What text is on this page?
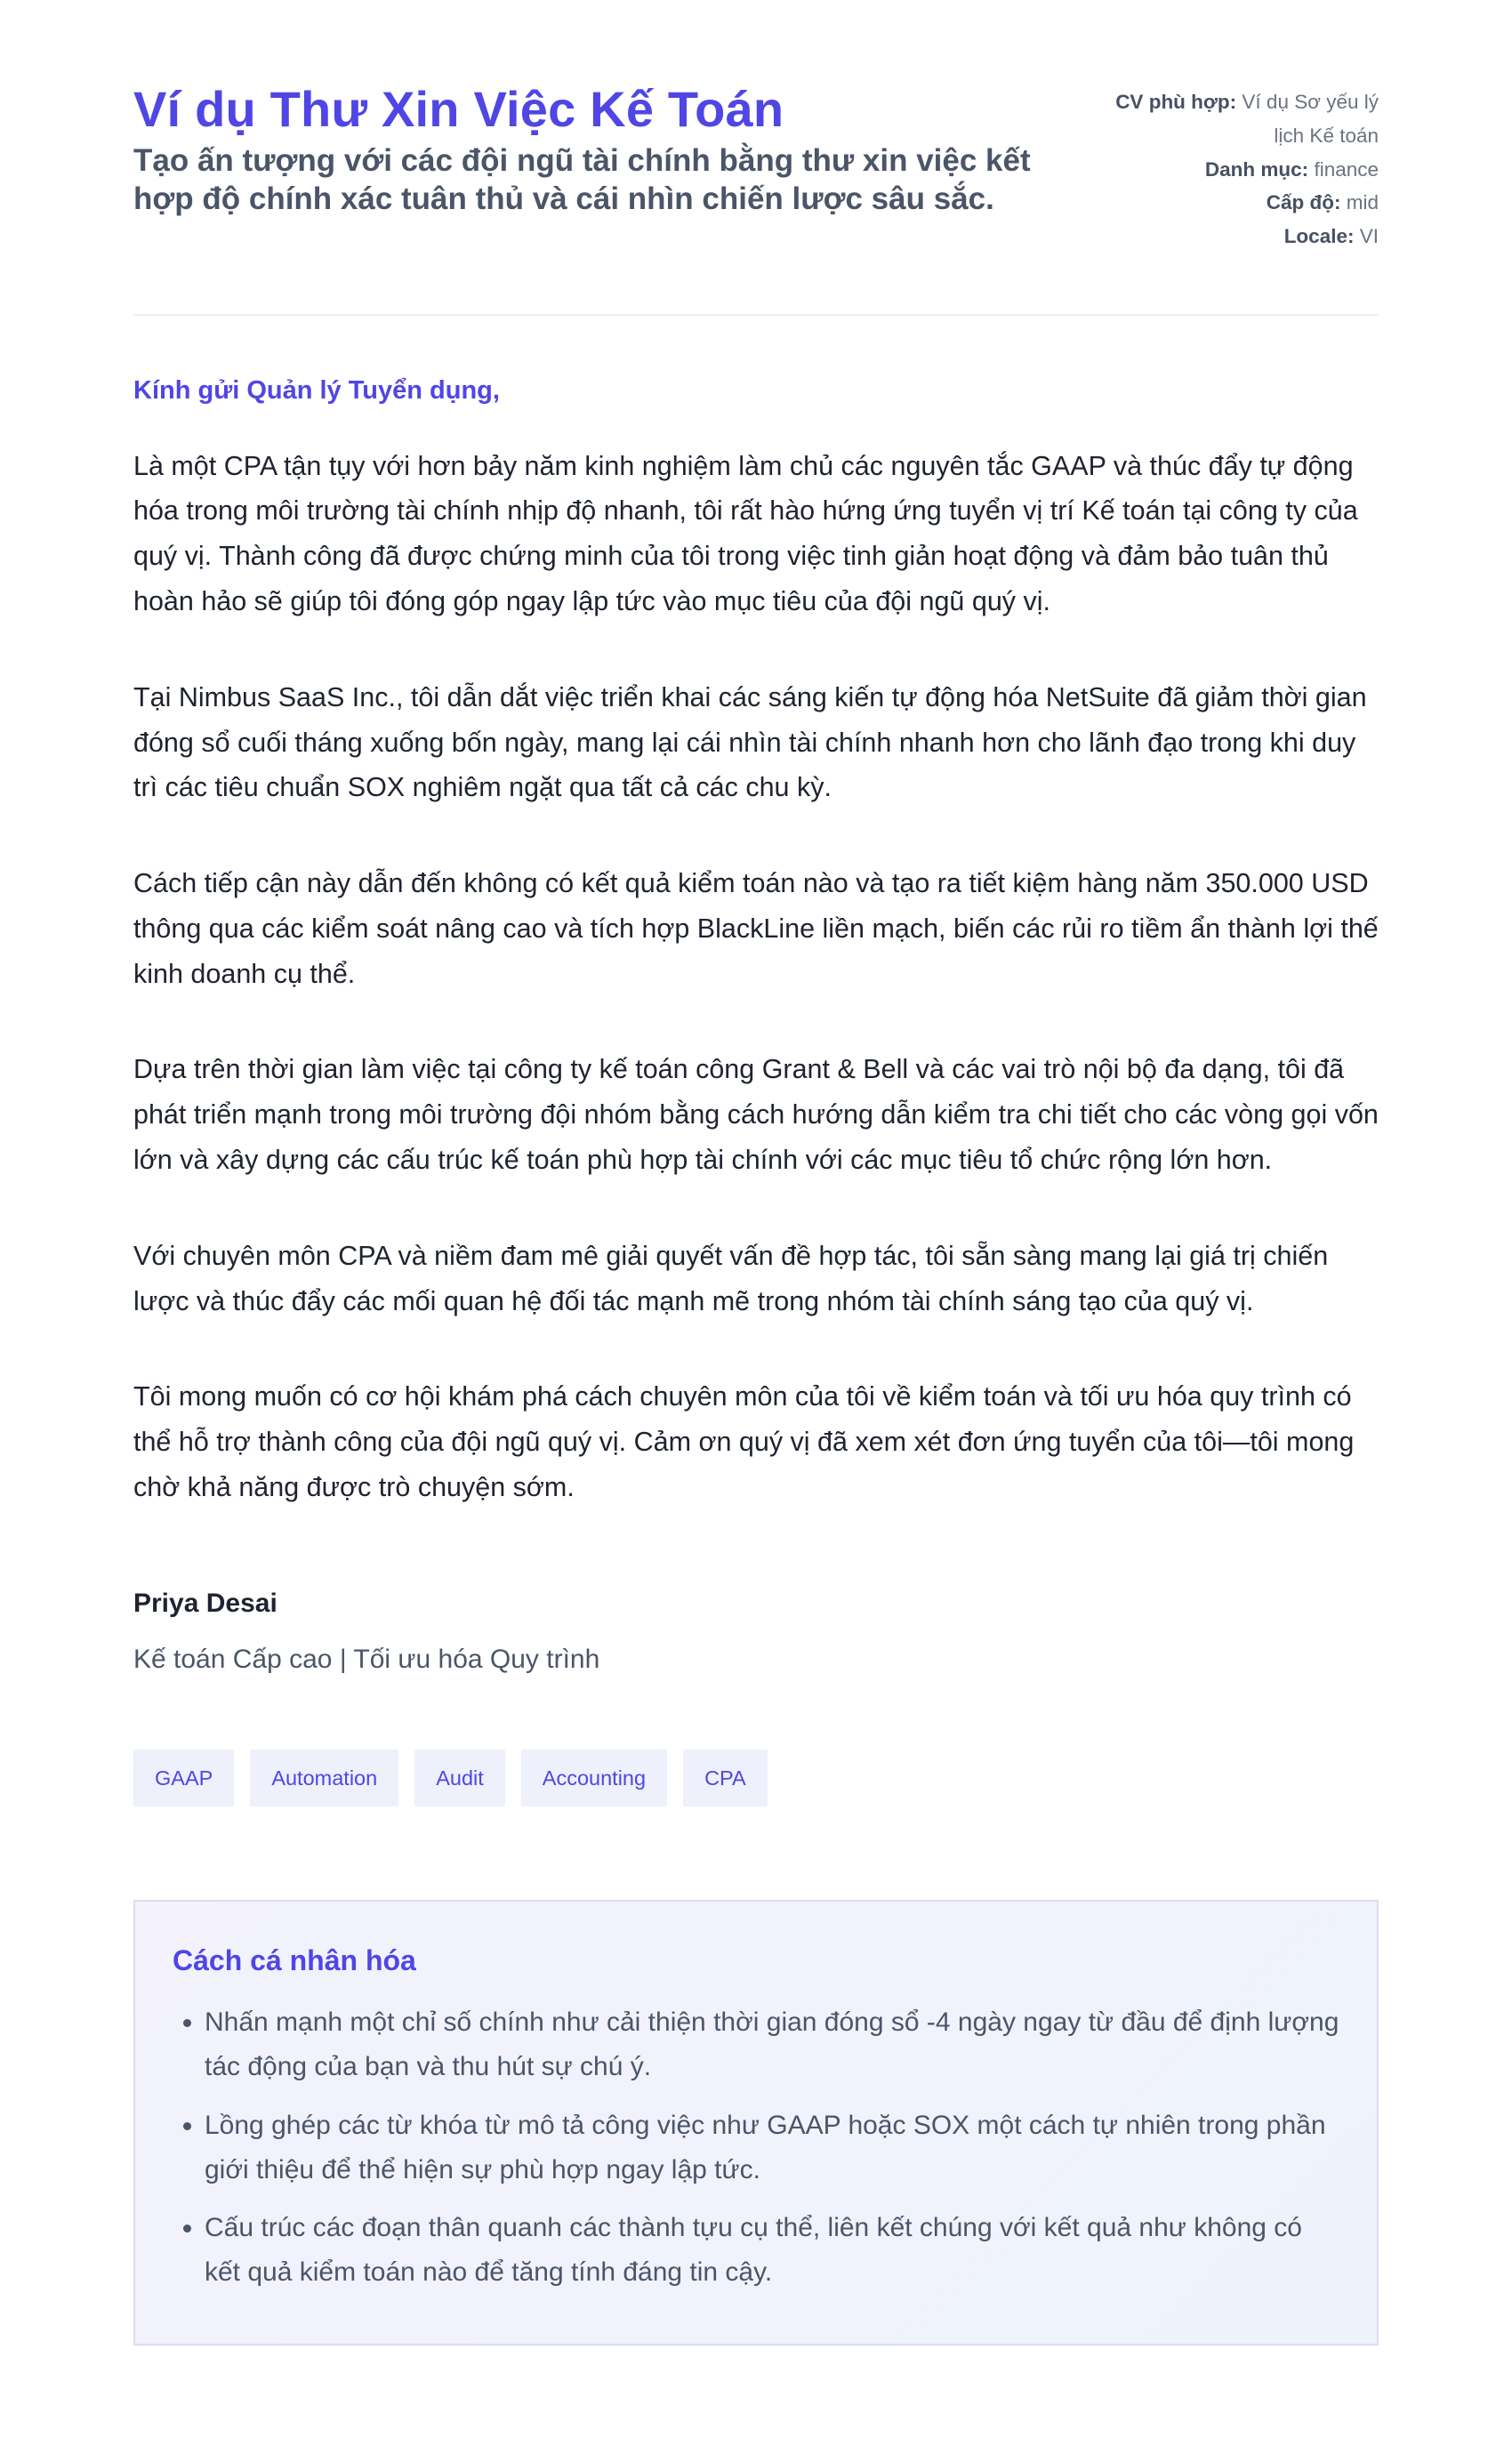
Ví dụ Thư Xin Việc Kế Toán

Tạo ấn tượng với các đội ngũ tài chính bằng thư xin việc kết hợp độ chính xác tuân thủ và cái nhìn chiến lược sâu sắc.

CV phù hợp: Ví dụ Sơ yếu lý lịch Kế toán
Danh mục: finance
Cấp độ: mid
Locale: VI

Kính gửi Quản lý Tuyển dụng,

Là một CPA tận tụy với hơn bảy năm kinh nghiệm làm chủ các nguyên tắc GAAP và thúc đẩy tự động hóa trong môi trường tài chính nhịp độ nhanh, tôi rất hào hứng ứng tuyển vị trí Kế toán tại công ty của quý vị. Thành công đã được chứng minh của tôi trong việc tinh giản hoạt động và đảm bảo tuân thủ hoàn hảo sẽ giúp tôi đóng góp ngay lập tức vào mục tiêu của đội ngũ quý vị.

Tại Nimbus SaaS Inc., tôi dẫn dắt việc triển khai các sáng kiến tự động hóa NetSuite đã giảm thời gian đóng sổ cuối tháng xuống bốn ngày, mang lại cái nhìn tài chính nhanh hơn cho lãnh đạo trong khi duy trì các tiêu chuẩn SOX nghiêm ngặt qua tất cả các chu kỳ.

Cách tiếp cận này dẫn đến không có kết quả kiểm toán nào và tạo ra tiết kiệm hàng năm 350.000 USD thông qua các kiểm soát nâng cao và tích hợp BlackLine liền mạch, biến các rủi ro tiềm ẩn thành lợi thế kinh doanh cụ thể.

Dựa trên thời gian làm việc tại công ty kế toán công Grant & Bell và các vai trò nội bộ đa dạng, tôi đã phát triển mạnh trong môi trường đội nhóm bằng cách hướng dẫn kiểm tra chi tiết cho các vòng gọi vốn lớn và xây dựng các cấu trúc kế toán phù hợp tài chính với các mục tiêu tổ chức rộng lớn hơn.

Với chuyên môn CPA và niềm đam mê giải quyết vấn đề hợp tác, tôi sẵn sàng mang lại giá trị chiến lược và thúc đẩy các mối quan hệ đối tác mạnh mẽ trong nhóm tài chính sáng tạo của quý vị.

Tôi mong muốn có cơ hội khám phá cách chuyên môn của tôi về kiểm toán và tối ưu hóa quy trình có thể hỗ trợ thành công của đội ngũ quý vị. Cảm ơn quý vị đã xem xét đơn ứng tuyển của tôi—tôi mong chờ khả năng được trò chuyện sớm.

Priya Desai
Kế toán Cấp cao | Tối ưu hóa Quy trình
GAAP	Automation	Audit	Accounting	CPA
Cách cá nhân hóa
• Nhấn mạnh một chỉ số chính như cải thiện thời gian đóng sổ -4 ngày ngay từ đầu để định lượng tác động của bạn và thu hút sự chú ý.
• Lồng ghép các từ khóa từ mô tả công việc như GAAP hoặc SOX một cách tự nhiên trong phần giới thiệu để thể hiện sự phù hợp ngay lập tức.
• Cấu trúc các đoạn thân quanh các thành tựu cụ thể, liên kết chúng với kết quả như không có kết quả kiểm toán nào để tăng tính đáng tin cậy.
